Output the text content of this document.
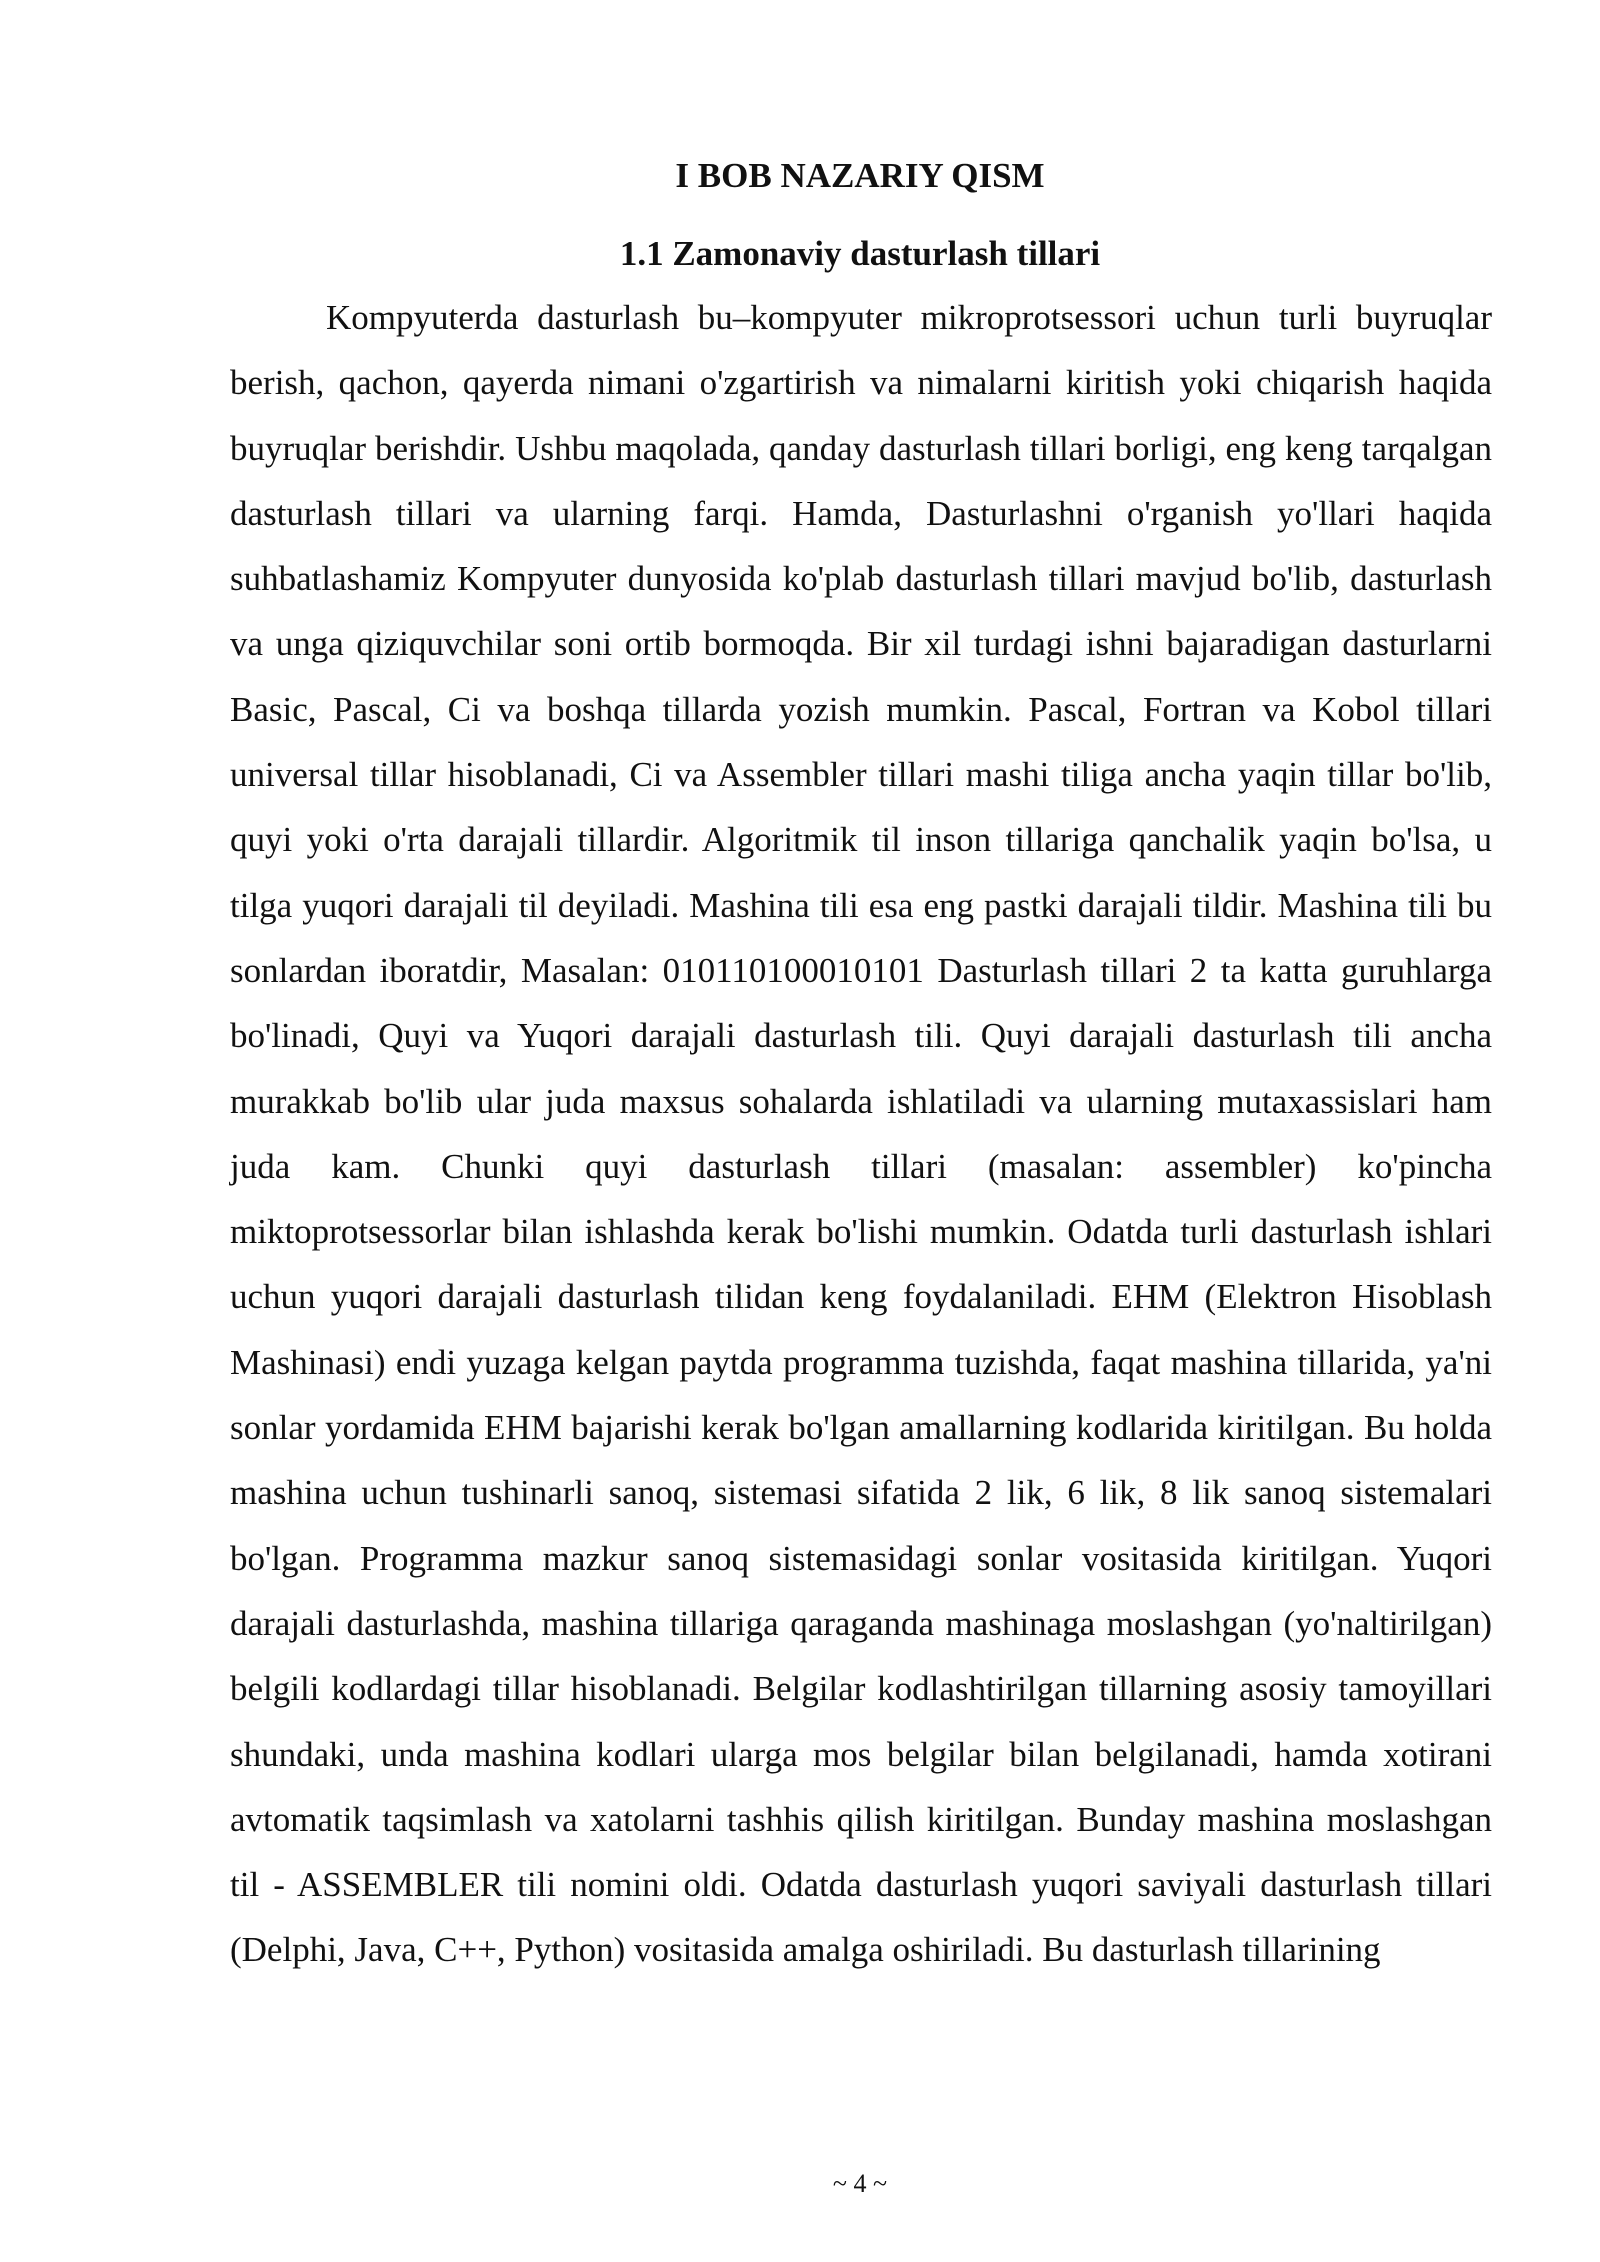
I BOB NAZARIY QISM
1.1 Zamonaviy dasturlash tillari

Kompyuterda dasturlash bu–kompyuter mikroprotsessori uchun turli buyruqlar berish, qachon, qayerda nimani o'zgartirish va nimalarni kiritish yoki chiqarish haqida buyruqlar berishdir. Ushbu maqolada, qanday dasturlash tillari borligi, eng keng tarqalgan dasturlash tillari va ularning farqi. Hamda, Dasturlashni o'rganish yo'llari haqida suhbatlashamiz Kompyuter dunyosida ko'plab dasturlash tillari mavjud bo'lib, dasturlash va unga qiziquvchilar soni ortib bormoqda. Bir xil turdagi ishni bajaradigan dasturlarni Basic, Pascal, Ci va boshqa tillarda yozish mumkin. Pascal, Fortran va Kobol tillari universal tillar hisoblanadi, Ci va Assembler tillari mashi tiliga ancha yaqin tillar bo'lib, quyi yoki o'rta darajali tillardir. Algoritmik til inson tillariga qanchalik yaqin bo'lsa, u tilga yuqori darajali til deyiladi. Mashina tili esa eng pastki darajali tildir. Mashina tili bu sonlardan iboratdir, Masalan: 010110100010101 Dasturlash tillari 2 ta katta guruhlarga bo'linadi, Quyi va Yuqori darajali dasturlash tili. Quyi darajali dasturlash tili ancha murakkab bo'lib ular juda maxsus sohalarda ishlatiladi va ularning mutaxassislari ham juda kam. Chunki quyi dasturlash tillari (masalan: assembler) ko'pincha miktoprotsessorlar bilan ishlashda kerak bo'lishi mumkin. Odatda turli dasturlash ishlari uchun yuqori darajali dasturlash tilidan keng foydalaniladi. EHM (Elektron Hisoblash Mashinasi) endi yuzaga kelgan paytda programma tuzishda, faqat mashina tillarida, ya'ni sonlar yordamida EHM bajarishi kerak bo'lgan amallarning kodlarida kiritilgan. Bu holda mashina uchun tushinarli sanoq, sistemasi sifatida 2 lik, 6 lik, 8 lik sanoq sistemalari bo'lgan. Programma mazkur sanoq sistemasidagi sonlar vositasida kiritilgan. Yuqori darajali dasturlashda, mashina tillariga qaraganda mashinaga moslashgan (yo'naltirilgan) belgili kodlardagi tillar hisoblanadi. Belgilar kodlashtirilgan tillarning asosiy tamoyillari shundaki, unda mashina kodlari ularga mos belgilar bilan belgilanadi, hamda xotirani avtomatik taqsimlash va xatolarni tashhis qilish kiritilgan. Bunday mashina moslashgan til - ASSEMBLER tili nomini oldi. Odatda dasturlash yuqori saviyali dasturlash tillari (Delphi, Java, C++, Python) vositasida amalga oshiriladi. Bu dasturlash tillarining

~ 4 ~
